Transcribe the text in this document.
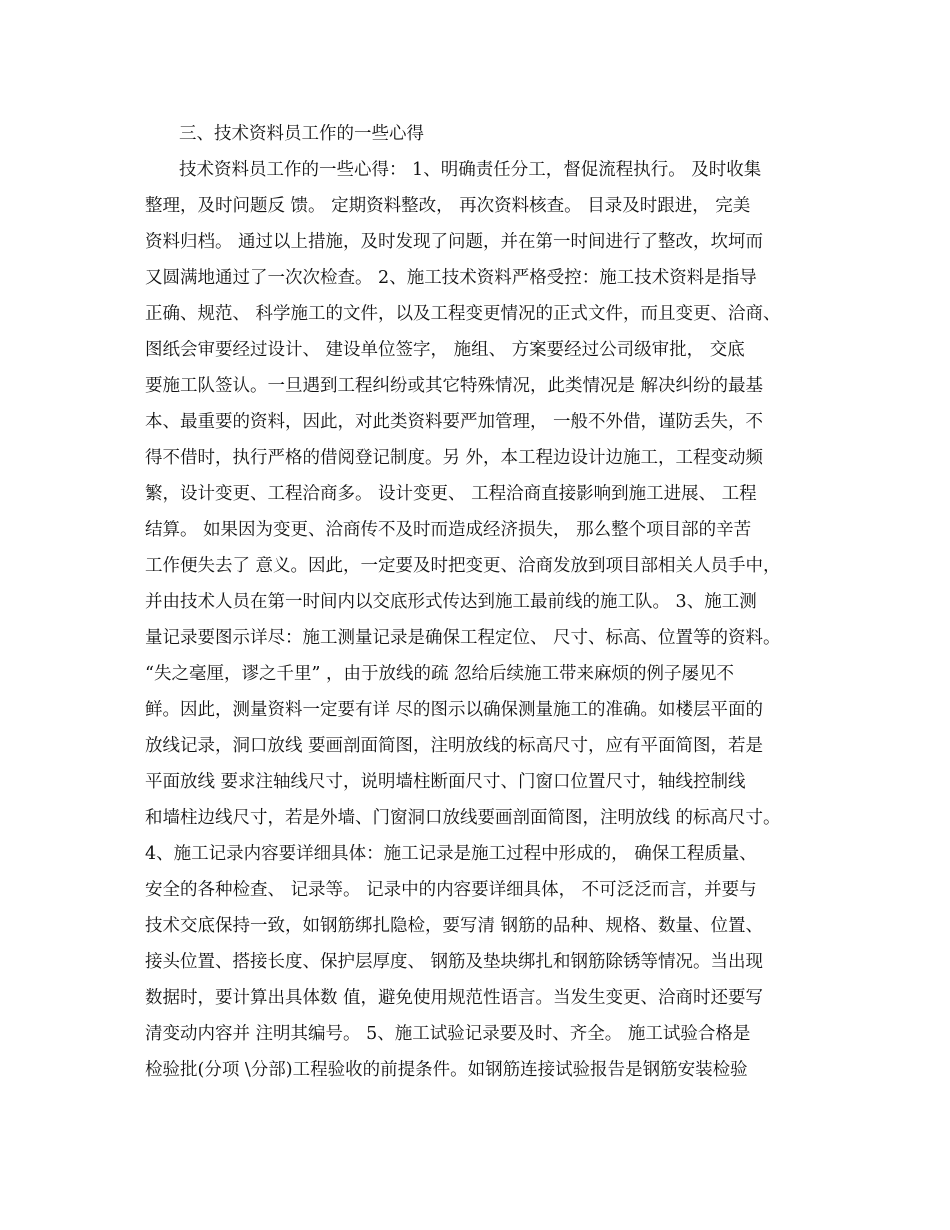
三、技术资料员工作的一些心得
技术资料员工作的一些心得： 1、明确责任分工，督促流程执行。 及时收集
整理，及时问题反 馈。 定期资料整改， 再次资料核查。 目录及时跟进， 完美
资料归档。 通过以上措施，及时发现了问题，并在第一时间进行了整改，坎坷而
又圆满地通过了一次次检查。 2、施工技术资料严格受控：施工技术资料是指导
正确、规范、 科学施工的文件，以及工程变更情况的正式文件，而且变更、洽商、
图纸会审要经过设计、 建设单位签字， 施组、 方案要经过公司级审批， 交底
要施工队签认。一旦遇到工程纠纷或其它特殊情况，此类情况是 解决纠纷的最基
本、最重要的资料，因此，对此类资料要严加管理， 一般不外借，谨防丢失，不
得不借时，执行严格的借阅登记制度。另 外，本工程边设计边施工，工程变动频
繁，设计变更、工程洽商多。 设计变更、 工程洽商直接影响到施工进展、 工程
结算。 如果因为变更、洽商传不及时而造成经济损失， 那么整个项目部的辛苦
工作便失去了 意义。因此，一定要及时把变更、洽商发放到项目部相关人员手中，
并由技术人员在第一时间内以交底形式传达到施工最前线的施工队。 3、施工测
量记录要图示详尽：施工测量记录是确保工程定位、 尺寸、标高、位置等的资料。
“失之毫厘，谬之千里” ，由于放线的疏 忽给后续施工带来麻烦的例子屡见不
鲜。因此，测量资料一定要有详 尽的图示以确保测量施工的准确。如楼层平面的
放线记录，洞口放线 要画剖面简图，注明放线的标高尺寸，应有平面简图，若是
平面放线 要求注轴线尺寸，说明墙柱断面尺寸、门窗口位置尺寸，轴线控制线
和墙柱边线尺寸，若是外墙、门窗洞口放线要画剖面简图，注明放线 的标高尺寸。
4、施工记录内容要详细具体：施工记录是施工过程中形成的， 确保工程质量、
安全的各种检查、 记录等。 记录中的内容要详细具体， 不可泛泛而言，并要与
技术交底保持一致，如钢筋绑扎隐检，要写清 钢筋的品种、规格、数量、位置、
接头位置、搭接长度、保护层厚度、 钢筋及垫块绑扎和钢筋除锈等情况。当出现
数据时，要计算出具体数 值，避免使用规范性语言。当发生变更、洽商时还要写
清变动内容并 注明其编号。 5、施工试验记录要及时、齐全。 施工试验合格是
检验批(分项 \分部)工程验收的前提条件。如钢筋连接试验报告是钢筋安装检验
